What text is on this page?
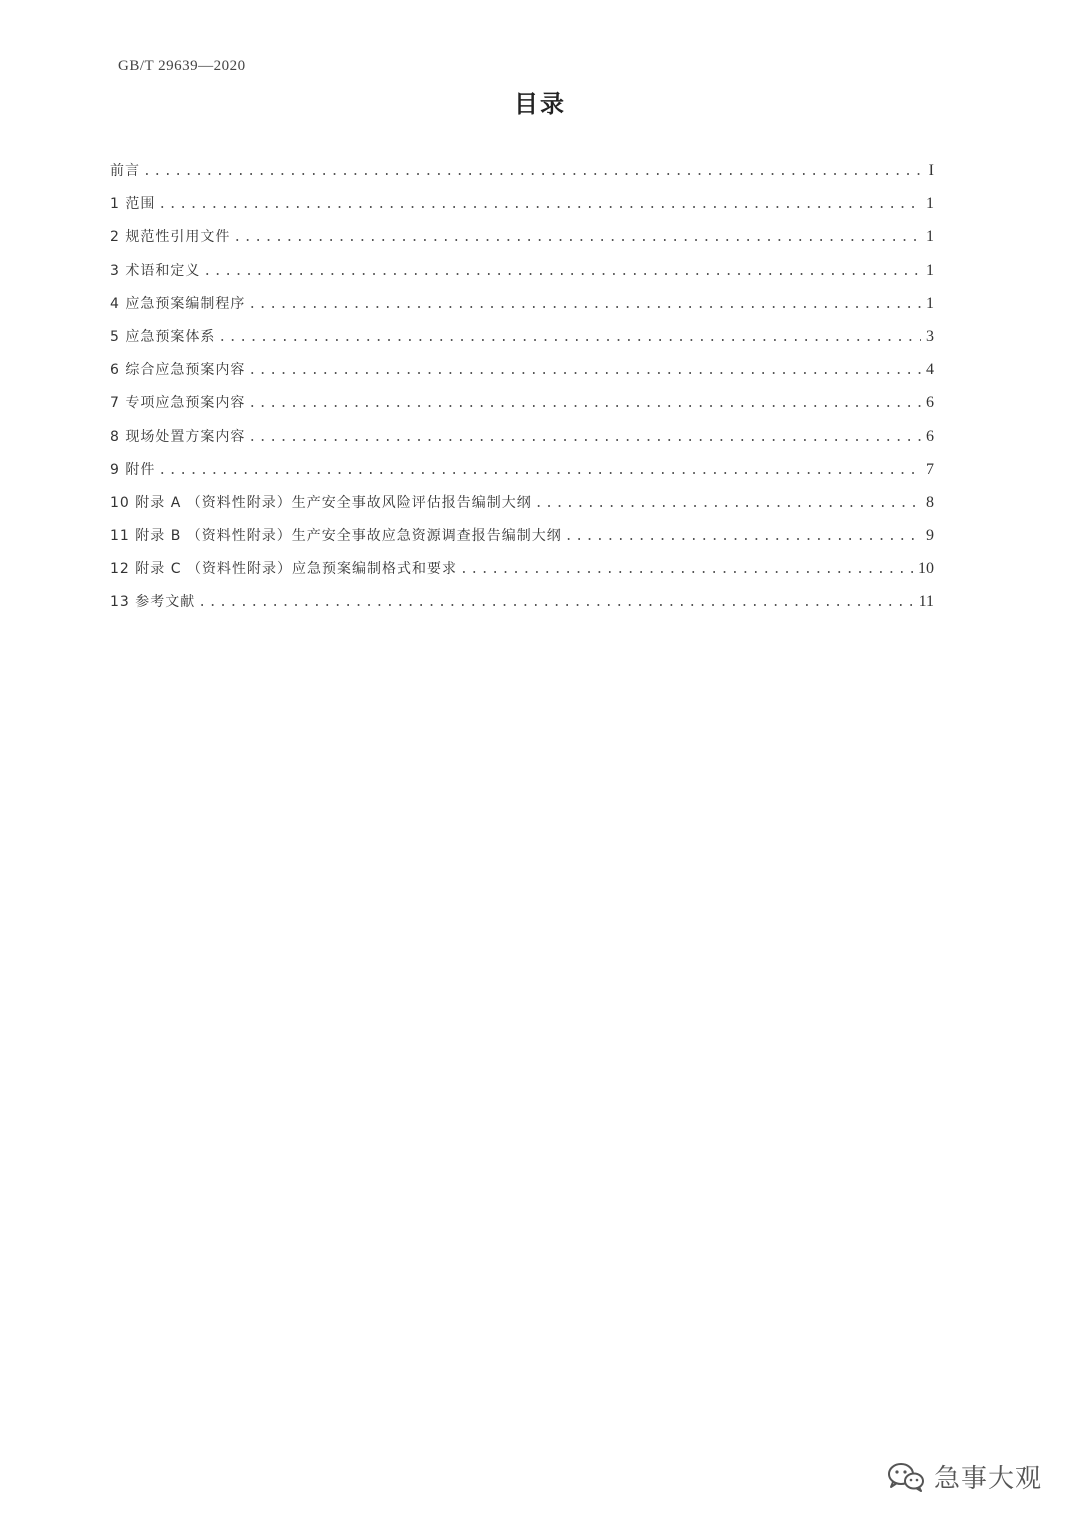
GB/T 29639—2020
目录
前言 .....	I
1 范围 .....	1
2 规范性引用文件 .....	1
3 术语和定义 .....	1
4 应急预案编制程序 .....	1
5 应急预案体系 .....	3
6 综合应急预案内容 .....	4
7 专项应急预案内容 .....	6
8 现场处置方案内容 .....	6
9 附件 .....	7
10 附录 A （资料性附录）生产安全事故风险评估报告编制大纲 .....	8
11 附录 B （资料性附录）生产安全事故应急资源调查报告编制大纲 .....	9
12 附录 C （资料性附录）应急预案编制格式和要求 .....	10
13 参考文献 .....	11
急事大观
